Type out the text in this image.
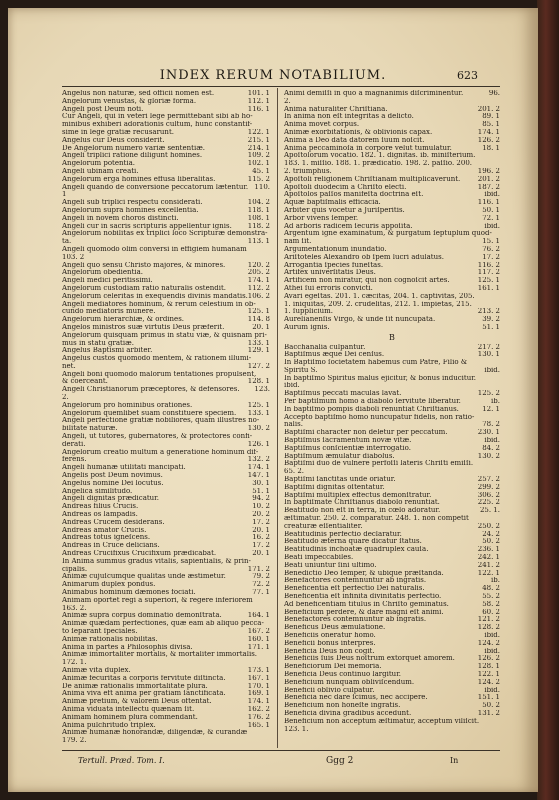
INDEX RERUM NOTABILIUM.	623
Angelus non naturæ, sed officii nomen est.	101. 1
Angelorum venustas, & gloriæ forma.	112. 1
Angeli post Deum noti.	116. 1
Cur Angeli, qui in veteri lege permittebant sibi ab ho-
minibus exhiberi adorationis cultum, hunc constantif-
sime in lege gratiæ recusarunt.	122. 1
Angelus cur Deus considerit.	215. 1
De Angelorum numero variæ sententiæ.	214. 1
Angeli triplici ratione diligunt homines.	109. 2
Angelorum potentia.	102. 1
Angeli ubinam creati.	45. 1
Angelorum erga homines effusa liberalitas.	115. 2
Angeli quando de conversione peccatorum lætentur. 110.
1
Angeli sub triplici respectu considerati.	104. 2
Angelorum supra homines excellentia.	118. 1
Angeli in novem choros distincti.	108. 1
Angeli cur in sacris scripturis appellentur ignis. 118. 2
Angelorum nobilitas ex triplici loco Scripturæ demonstra-
ta.	113. 1
Angeli quomodo olim conversi in effigiem humanam
103. 2
Angeli quo sensu Christo majores, & minores.	120. 2
Angelorum obedientia.	205. 2
Angeli medici peritissimi.	174. 1
Angelorum custodiam ratio naturalis ostendit.	112. 2
Angelorum celeritas in exequendis divinis mandatis. 106. 2
Angeli mediatores hominum, & rerum celestium in ob-
cundo mediatoris munere.	125. 1
Angelorum hierarchiæ, & ordines.	114. 8
Angelos ministros suæ virtutis Deus præferit.	20. 1
Angelorum quisquam primus in statu viæ, & quisnam pri-
mus in statu gratiæ.	133. 1
Angelus Baptismi arbiter.	129. 1
Angelus custos quomodo mentem, & rationem illumi-
net.	127. 2
Angeli boni quomodo malorum tentationes propulsent,
& coerceant.	128. 1
Angeli Christianorum præceptores, & defensores. 123.
2.
Angelorum pro hominibus orationes.	125. 1
Angelorum quemlibet suam constituere speciem. 133. 1
Angeli perfectione gratiæ nobiliores, quam illustres no-
bilitate naturæ.	130. 2
Angeli, ut tutores, gubernatores, & protectores confi-
derati.	126. 1
Angelorum creatio multum a generatione hominum dif-
ferens.	132. 2
Angeli humanæ utilitati mancipati.	174. 1
Angelis post Deum novimus.	147. 1
Angelus nomine Dei locutus.	30. 1
Angelica similitudo.	51. 1
Angeli dignitas prædicatur.	94. 2
Andreas filius Crucis.	10. 2
Andreas os lampadis.	20. 2
Andreas Crucem desiderans.	17. 2
Andreas amator Crucis.	20. 1
Andreas totus igneſcens.	16. 2
Andreas in Cruce delicians.	17. 2
Andreas Crucifixus Crucifixum prædicabat.	20. 1
In Anima summus gradus vitalis, sapientialis, & prin-
cipalis.	171. 2
Animæ cujuſcumque qualitas unde æstimetur.	79. 2
Animarum duplex pondus.	72. 2
Animabus hominum dæmones fociati.	77. 1
Animam oportet regi a superiori, & regere inferiorem
163. 2.
Animæ supra corpus dominatio demonſtrata.	164. 1
Animæ quædam perfectiones, quæ eam ab aliquo pecca-
to ſeparant ſpeciales.	167. 2
Animæ rationalis nobilitas.	160. 1
Anima in partes a Philosophis divisa.	171. 1
Animæ immortaliter mortalis, & mortaliter immortalis.
172. 1.
Animæ vita duplex.	173. 1
Animæ fecuritas a corporis fervitute diſtincta.	167. 1
De animæ rationalis immortalitate plura.	170. 1
Anima viva eft anima per gratiam ſanctificata.	169. 1
Animæ pretium, & valorem Deus oftentat.	174. 1
Anima viduata intellectu quænam ſit.	162. 2
Animam hominem plura commendant.	176. 2
Anima pulchritudo triplex.	165. 1
Animæ humanæ honorandæ, diligendæ, & curandæ
179. 2.
Animi demiſſi in quo a magnanimis diſcriminentur.	96.
2.
Anima naturaliter Chriſtiana.	201. 2
In anima non eſt integritas a delicto.	89. 1
Anima movet corpus.	85. 1
Animæ exorbitationis, & oblivionis capax.	174. 1
Anima a Deo data datorem ſuum noſcit.	126. 2
Anima peccaminoſa in corpore velut tumulatur.	18. 1
Apoſtolorum vocatio. 182. 1. dignitas. ib. miniſterium.
183. 1. miſſio. 188. 1. prædicatio. 198. 2. paſſio. 200.
2. triumphus.	196. 2
Apoſtoli religionem Chriſtianam multiplicaverunt. 201. 2
Apoſtoli duodecim a Chriſto electi.	187. 2
Apoſtolos paſſos manifeſta doctrina eſt.	ibid.
Aquæ baptiſmalis efficacia.	116. 1
Arbiter quis vocetur a Juriſperitis.	50. 1
Arbor vivens ſemper.	72. 1
Ad arboris radicem ſecuris appoſita.	ibid.
Argentum igne examinatum, & purgatum ſeptuplum quod-
nam ſit.	15. 1
Argumentationum inundatio.	76. 2
Ariſtoteles Alexandro ob ſpem lucri adulatus.	17. 2
Arrogantia ſpecies funeſtas.	116. 2
Artifex univerſitatis Deus.	117. 2
Artificem non miratur, qui non cognoſcit artes.	125. 1
Athei ſui erroris convicti.	161. 1
Avari egeſtas. 201. 1. cæcitas, 204. 1. captivitas, 205.
1. iniquitas, 209. 2. crudelitas, 212. 1. impietas, 215.
1. ſuppliciûm.	213. 2
Aurelianenſis Virgo, & unde ſit nuncupata.	39. 2
Aurum ignis.	51. 1
B
Bacchanalia culpantur.	217. 2
Baptiſmus æque Dei cenſus.	130. 1
In Baptiſmo ſocietatem habemus cum Patre, Filio &
Spiritu S.	ibid.
In baptiſmo Spiritus malus ejicitur, & bonus inducitur.
ibid.
Baptiſmus peccati maculas lavat.	125. 2
Per baptiſmum homo a diabolo ſervitute liberatur.	ib.
In baptiſmo pompis diaboli renuntiat Chriſtianus.	12. 1
Accepto baptiſmo homo nuncupatur fidelis, non ratio-
nalis.	78. 2
Baptiſmi character non deletur per peccatum.	230. 1
Baptiſmus ſacramentum novæ vitæ.	ibid.
Baptiſmus conſcientiæ interrogatio.	84. 2
Baptiſmum æmulatur diabolus.	130. 2
Baptiſmi duo de vulnere perfoſſi lateris Chriſti emiſſi.
65. 2.
Baptiſmi ſanctitas unde oriatur.	257. 2
Baptiſmi dignitas oſtentatur.	299. 2
Baptiſmi multiplex effectus demonſtratur.	306. 2
In baptiſmate Chriſtianus diabolo renuntiat.	225. 2
Beatitudo non eſt in terra, in cœlo adoratur.	25. 1.
æſtimatur. 250. 2. comparatur. 248. 1. non competit
creaturæ eſſentialiter.	250. 2
Beatitudinis perfectio declaratur.	24. 2
Beatitudo æterna quare dicatur ſtatus.	50. 2
Beatitudinis inchoatæ quadruplex cauſa.	236. 1
Beati impeccabiles.	242. 1
Beati uniuntur ſini ultimo.	241. 2
Benedictio Deo ſemper, & ubique præſtanda.	122. 1
Benefactores contemnuntur ab ingratis.	ib.
Beneficentia eſt perfectio Dei naturalis.	48. 2
Beneficentia eſt infinita divinitatis perfectio.	55. 2
Ad beneficentiam titulus in Chriſto geminatus.	58. 2
Beneficium perdere, & dare magni eſt animi.	60. 2
Benefactores contemnuntur ab ingratis.	121. 2
Beneficus Deus æmulatione.	128. 2
Beneficiis oneratur homo.	ibid.
Beneficii bonus interpres.	124. 2
Beneficia Deus non cogit.	ibid.
Beneficiis ſuis Deus noſtrum extorquet amorem.	126. 2
Beneficiorum Dei memoria.	128. 1
Beneficia Deus continuo largitur.	122. 1
Beneficium nunquam obliviſcendum.	124. 2
Beneficii oblivio culpatur.	ibid.
Beneficia nec dare ſcimus, nec accipere.	151. 1
Beneficium non honeſte ingratis.	50. 2
Beneficia divina gradibus accedunt.	131. 2
Beneficium non acceptum æſtimatur, acceptum viliſcit.
123. 1.
Tertull. Præd. Tom. I.	Ggg 2	In
